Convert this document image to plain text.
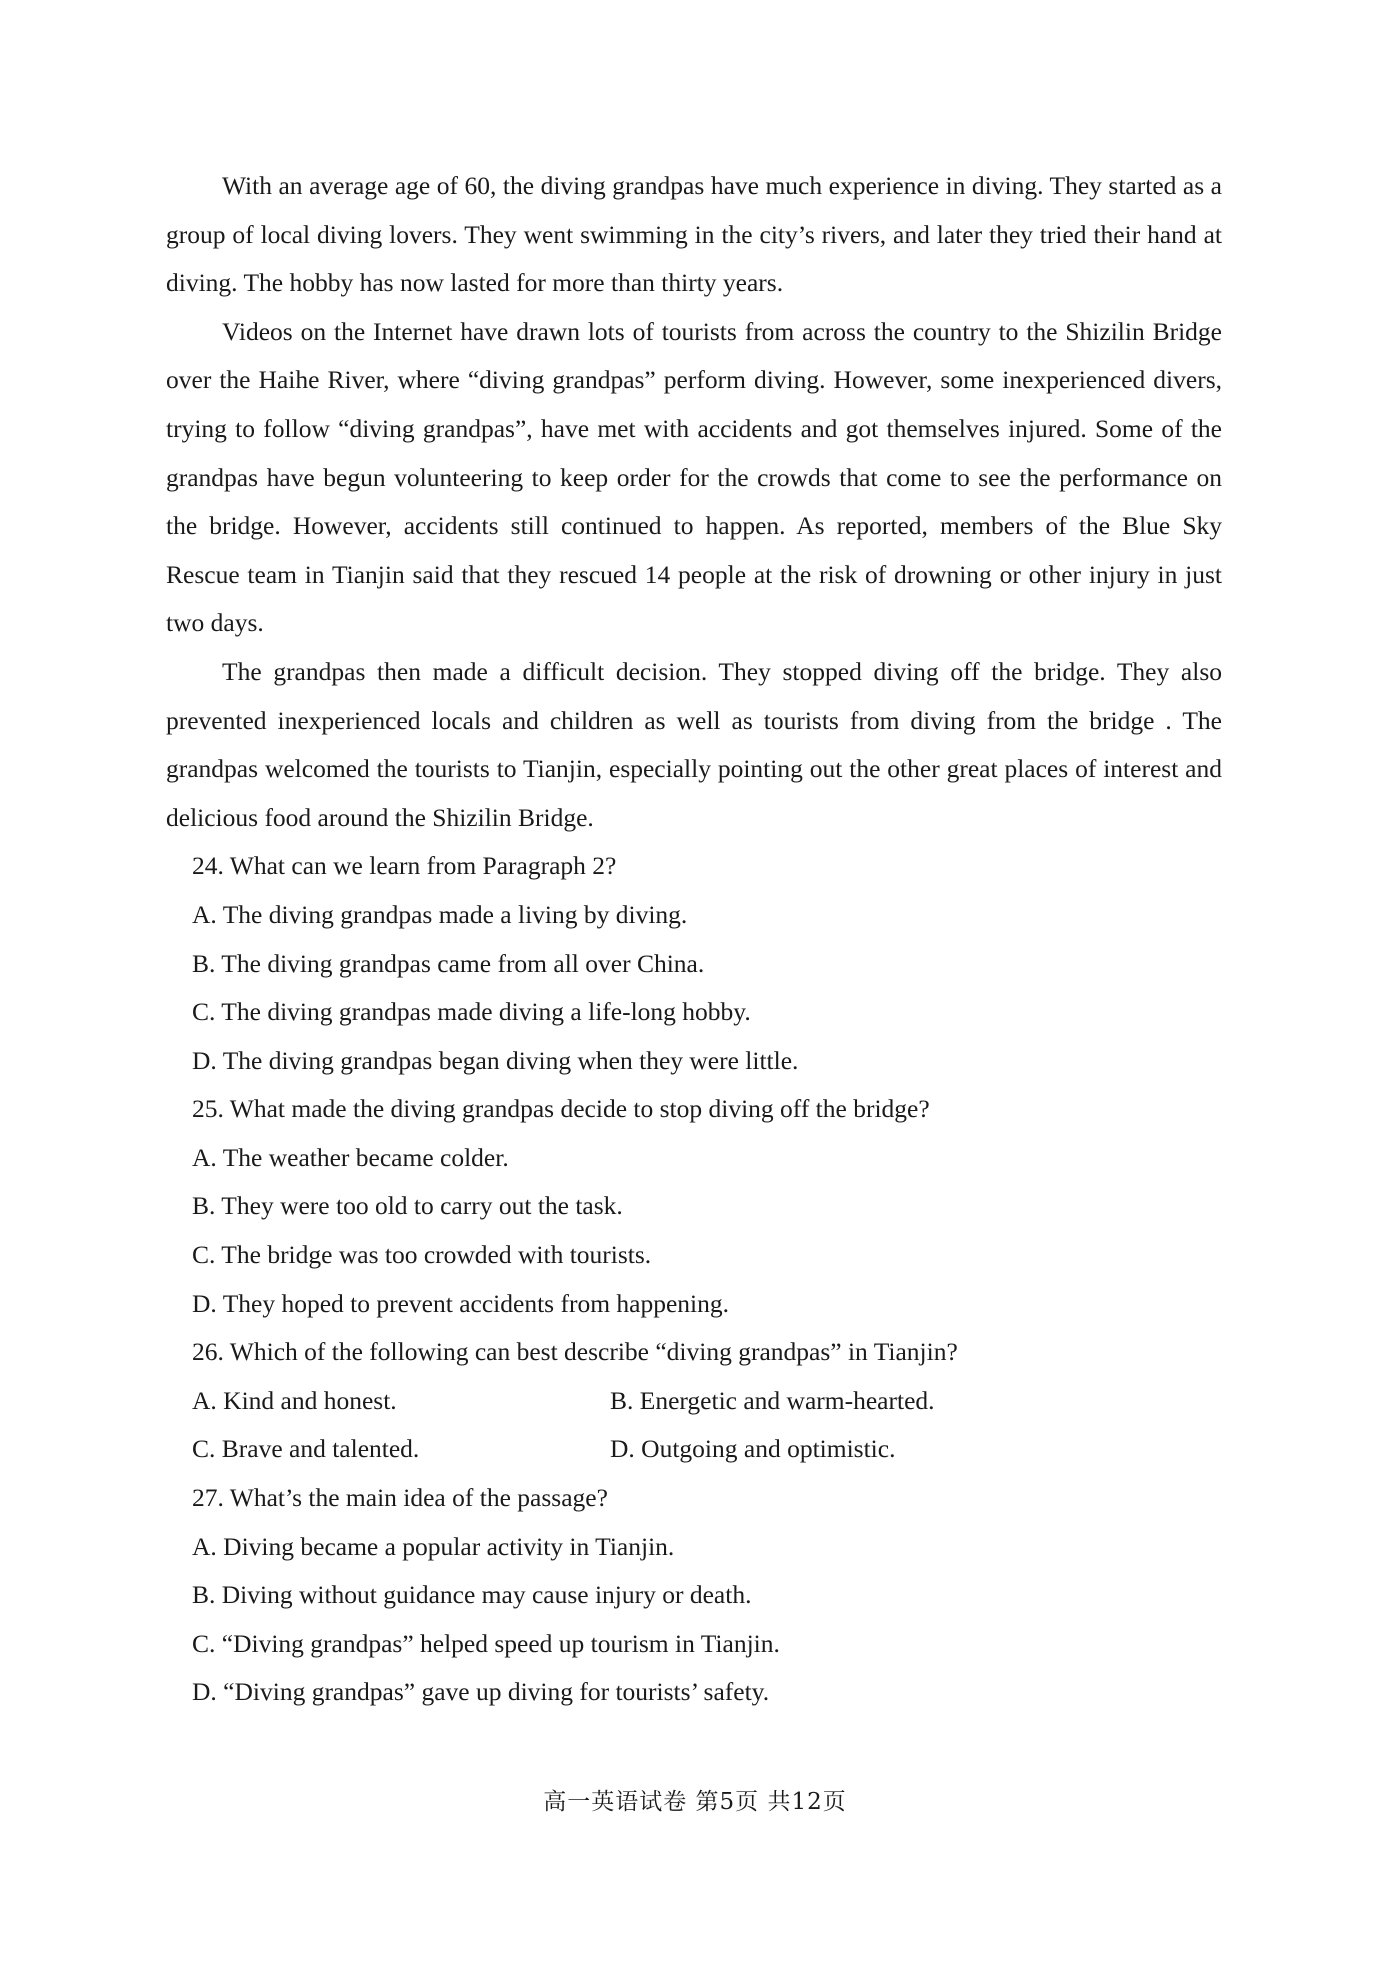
With an average age of 60, the diving grandpas have much experience in diving. They started as a group of local diving lovers. They went swimming in the city’s rivers, and later they tried their hand at diving. The hobby has now lasted for more than thirty years.

Videos on the Internet have drawn lots of tourists from across the country to the Shizilin Bridge over the Haihe River, where “diving grandpas” perform diving. However, some inexperienced divers, trying to follow “diving grandpas”, have met with accidents and got themselves injured. Some of the grandpas have begun volunteering to keep order for the crowds that come to see the performance on the bridge. However, accidents still continued to happen. As reported, members of the Blue Sky Rescue team in Tianjin said that they rescued 14 people at the risk of drowning or other injury in just two days.

The grandpas then made a difficult decision. They stopped diving off the bridge. They also prevented inexperienced locals and children as well as tourists from diving from the bridge . The grandpas welcomed the tourists to Tianjin, especially pointing out the other great places of interest and delicious food around the Shizilin Bridge.

24. What can we learn from Paragraph 2?

A. The diving grandpas made a living by diving.

B. The diving grandpas came from all over China.

C. The diving grandpas made diving a life-long hobby.

D. The diving grandpas began diving when they were little.

25. What made the diving grandpas decide to stop diving off the bridge?

A. The weather became colder.

B. They were too old to carry out the task.

C. The bridge was too crowded with tourists.

D. They hoped to prevent accidents from happening.

26. Which of the following can best describe “diving grandpas” in Tianjin?

A. Kind and honest.	B. Energetic and warm-hearted.
C. Brave and talented.	D. Outgoing and optimistic.

27. What’s the main idea of the passage?

A. Diving became a popular activity in Tianjin.

B. Diving without guidance may cause injury or death.

C. “Diving grandpas” helped speed up tourism in Tianjin.

D. “Diving grandpas” gave up diving for tourists’ safety.

高一英语试卷 第5页 共12页
